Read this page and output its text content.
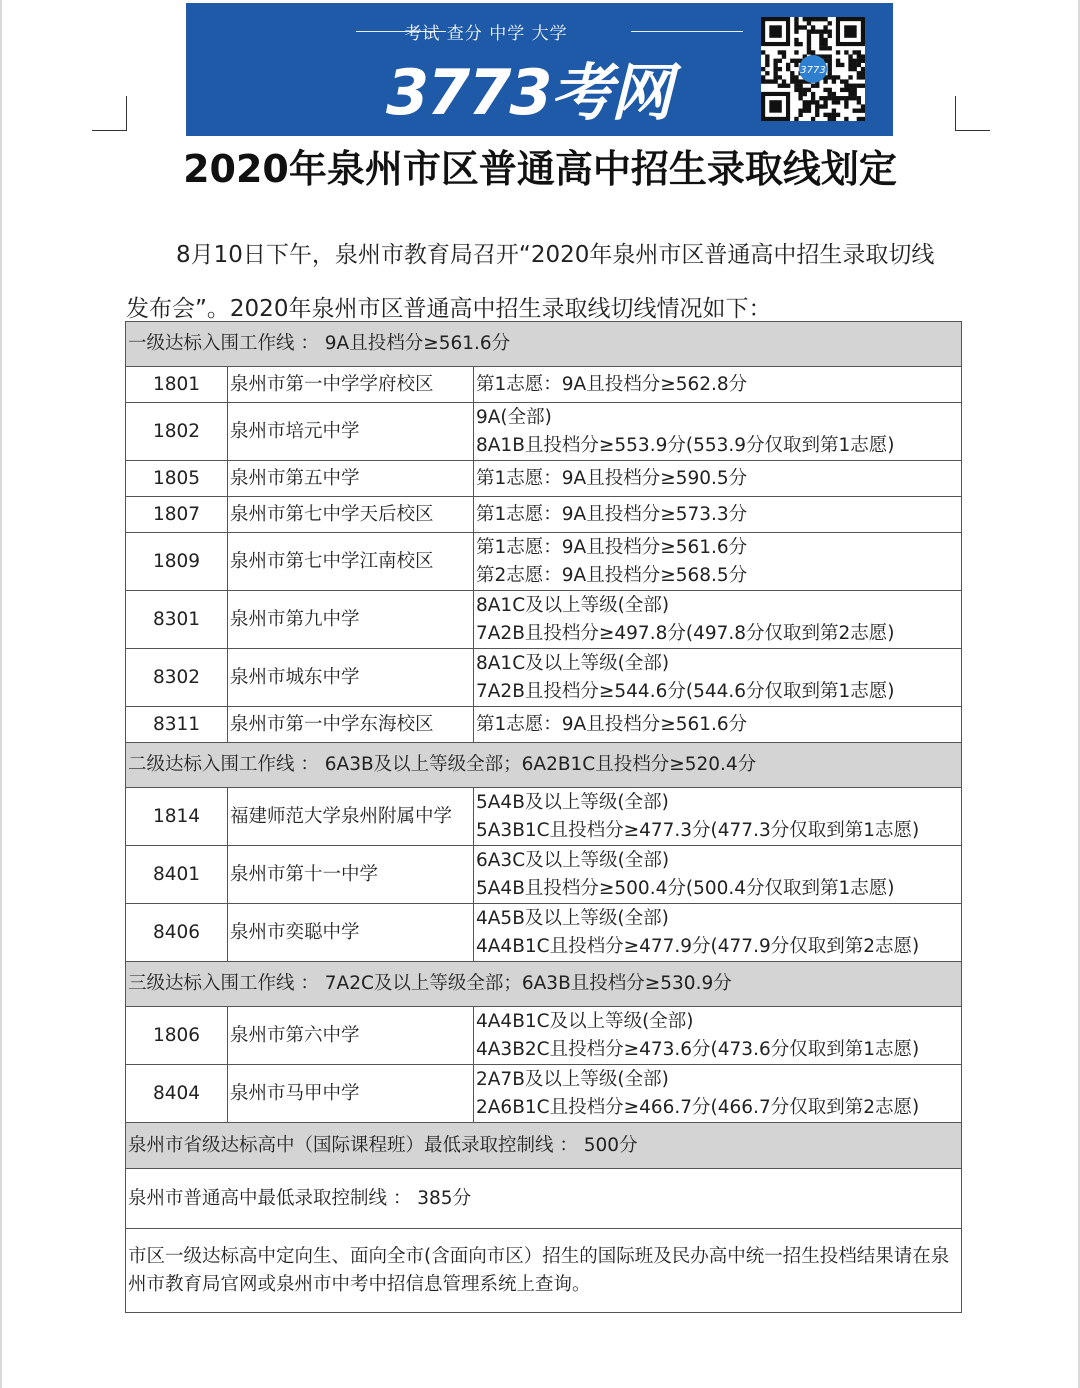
考试 查分 中学 大学
3773考网	3773
2020年泉州市区普通高中招生录取线划定

8月10日下午，泉州市教育局召开“2020年泉州市区普通高中招生录取切线发布会”。2020年泉州市区普通高中招生录取线切线情况如下：

一级达标入围工作线 ： 9A且投档分≥561.6分		
1801	泉州市第一中学学府校区	第1志愿：9A且投档分≥562.8分

1802	泉州市培元中学	9A(全部)
8A1B且投档分≥553.9分(553.9分仅取到第1志愿)

1805	泉州市第五中学	第1志愿：9A且投档分≥590.5分

1807	泉州市第七中学天后校区	第1志愿：9A且投档分≥573.3分

1809	泉州市第七中学江南校区	第1志愿：9A且投档分≥561.6分
第2志愿：9A且投档分≥568.5分

8301	泉州市第九中学	8A1C及以上等级(全部)
7A2B且投档分≥497.8分(497.8分仅取到第2志愿)

8302	泉州市城东中学	8A1C及以上等级(全部)
7A2B且投档分≥544.6分(544.6分仅取到第1志愿)

8311	泉州市第一中学东海校区	第1志愿：9A且投档分≥561.6分

二级达标入围工作线 ： 6A3B及以上等级全部；6A2B1C且投档分≥520.4分		
1814	福建师范大学泉州附属中学	5A4B及以上等级(全部)
5A3B1C且投档分≥477.3分(477.3分仅取到第1志愿)

8401	泉州市第十一中学	6A3C及以上等级(全部)
5A4B且投档分≥500.4分(500.4分仅取到第1志愿)

8406	泉州市奕聪中学	4A5B及以上等级(全部)
4A4B1C且投档分≥477.9分(477.9分仅取到第2志愿)

三级达标入围工作线 ： 7A2C及以上等级全部；6A3B且投档分≥530.9分		
1806	泉州市第六中学	4A4B1C及以上等级(全部)
4A3B2C且投档分≥473.6分(473.6分仅取到第1志愿)

8404	泉州市马甲中学	2A7B及以上等级(全部)
2A6B1C且投档分≥466.7分(466.7分仅取到第2志愿)

泉州市省级达标高中（国际课程班）最低录取控制线 ： 500分		
泉州市普通高中最低录取控制线 ： 385分		
市区一级达标高中定向生、面向全市(含面向市区）招生的国际班及民办高中统一招生投档结果请在泉州市教育局官网或泉州市中考中招信息管理系统上查询。		
